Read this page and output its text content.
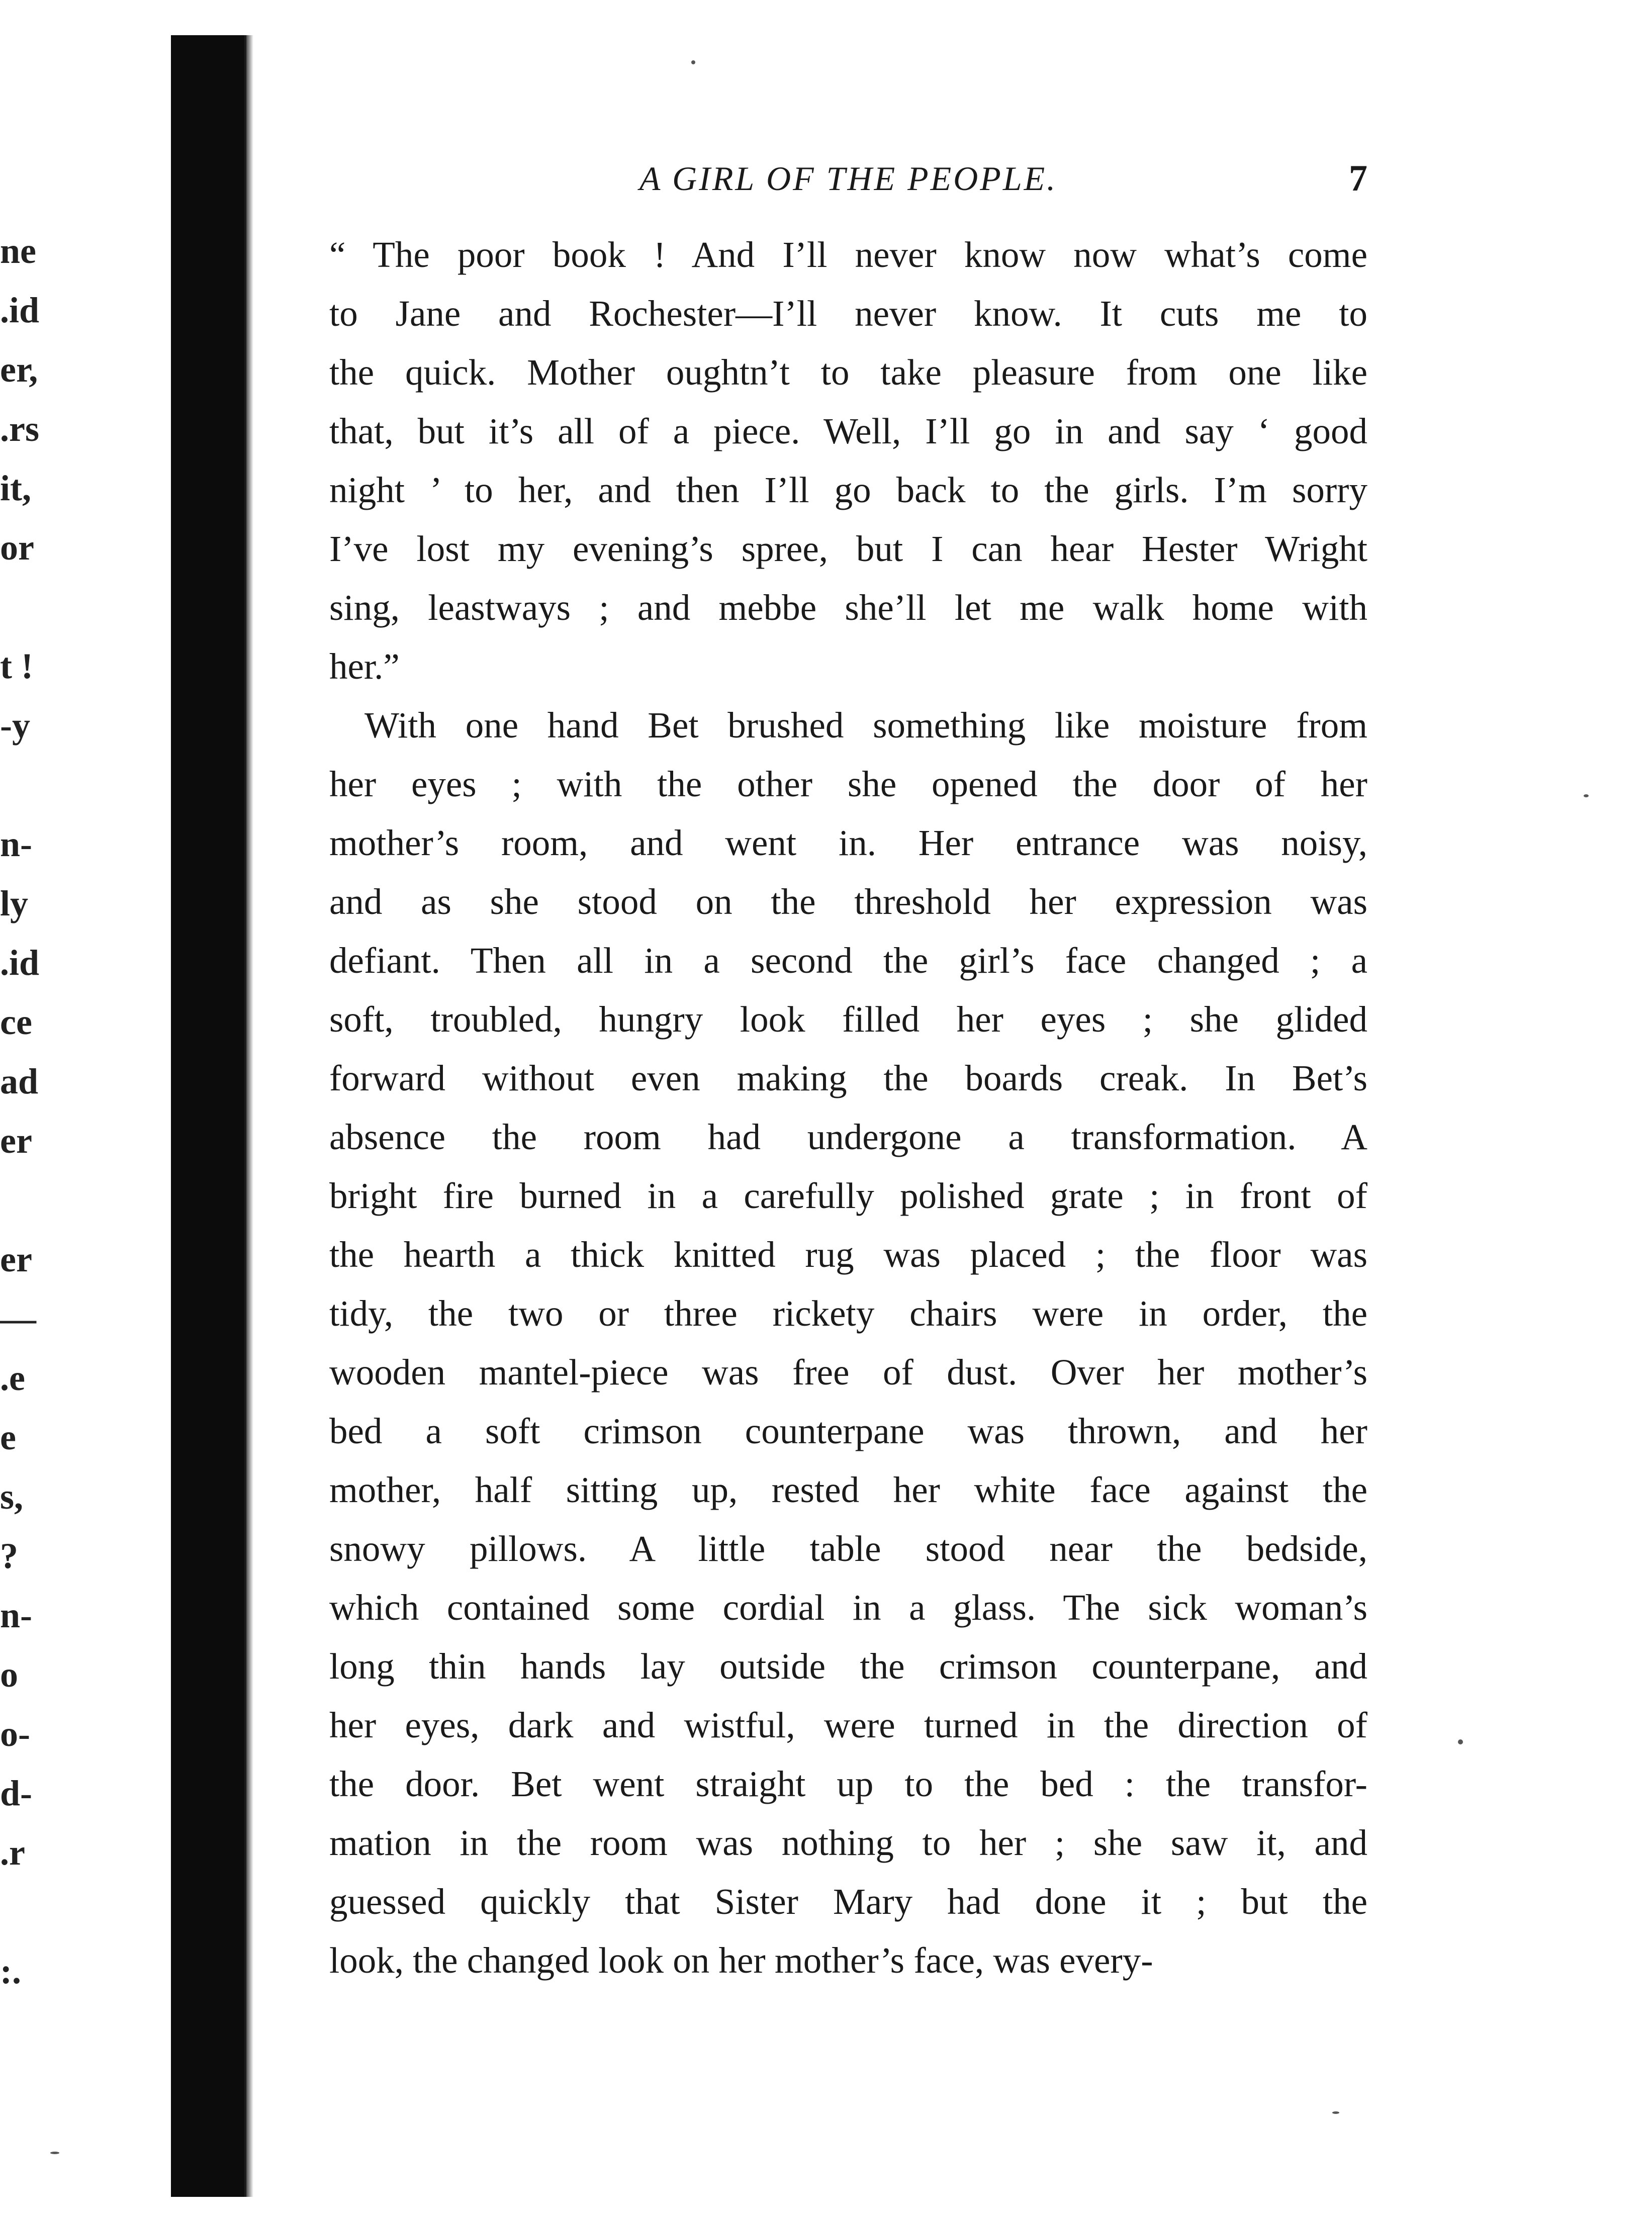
ne
.id
er,
.rs
it,
or
t !
-y
n-
ly
.id
ce
ad
er
er
—
.e
e
s,
?
n-
o
o-
d-
.r
:.
A GIRL OF THE PEOPLE.	7
“ The poor book ! And I’ll never know now what’s come
to Jane and Rochester—I’ll never know. It cuts me to
the quick. Mother oughtn’t to take pleasure from one like
that, but it’s all of a piece. Well, I’ll go in and say ‘ good
night ’ to her, and then I’ll go back to the girls. I’m sorry
I’ve lost my evening’s spree, but I can hear Hester Wright
sing, leastways ; and mebbe she’ll let me walk home with
her.”
With one hand Bet brushed something like moisture from
her eyes ; with the other she opened the door of her
mother’s room, and went in. Her entrance was noisy,
and as she stood on the threshold her expression was
defiant. Then all in a second the girl’s face changed ; a
soft, troubled, hungry look filled her eyes ; she glided
forward without even making the boards creak. In Bet’s
absence the room had undergone a transformation. A
bright fire burned in a carefully polished grate ; in front of
the hearth a thick knitted rug was placed ; the floor was
tidy, the two or three rickety chairs were in order, the
wooden mantel-piece was free of dust. Over her mother’s
bed a soft crimson counterpane was thrown, and her
mother, half sitting up, rested her white face against the
snowy pillows. A little table stood near the bedside,
which contained some cordial in a glass. The sick woman’s
long thin hands lay outside the crimson counterpane, and
her eyes, dark and wistful, were turned in the direction of
the door. Bet went straight up to the bed : the transfor-
mation in the room was nothing to her ; she saw it, and
guessed quickly that Sister Mary had done it ; but the
look, the changed look on her mother’s face, was every-
